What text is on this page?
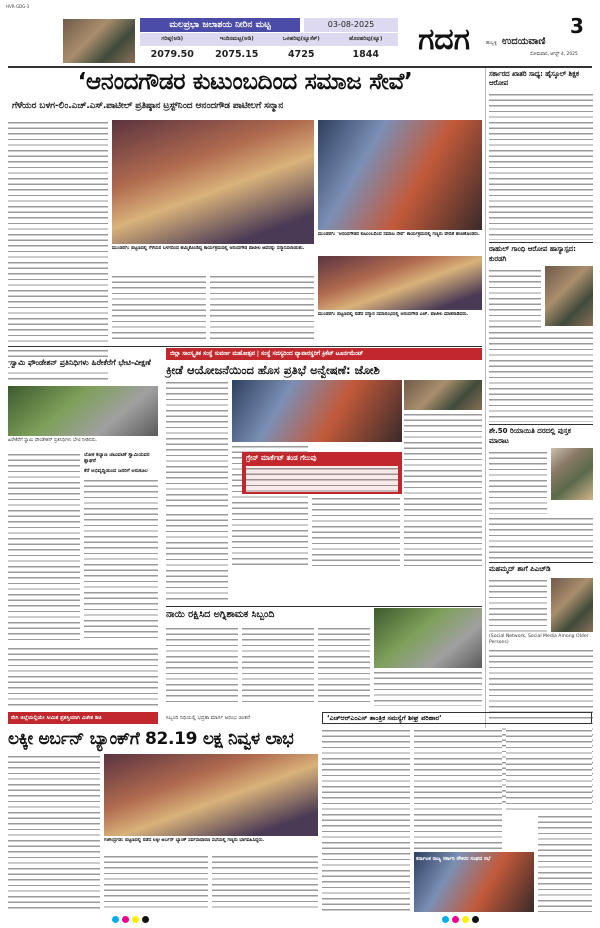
HVR-GDG-3
ಮಲಪ್ರಭಾ ಜಲಾಶಯ ನೀರಿನ ಮಟ್ಟ	03-08-2025
ಗರಿಷ್ಠ(ಅಡಿ)	ಇಂದಿನಮಟ್ಟ(ಅಡಿ)	ಒಳಹರಿವು(ಕ್ಯೂಸೆಕ್)	ಹೊರಹರಿವು(ಕ್ಯೂ)
2079.50	2075.15	4725	1844	ಗದಗ	3
ಹುಬ್ಬಳ್ಳಿ ಉದಯವಾಣಿ
ಸೋಮವಾರ, ಆಗಸ್ಟ್ 4, 2025
‘ಆನಂದಗೌಡರ ಕುಟುಂಬದಿಂದ ಸಮಾಜ ಸೇವೆ’
ಗೆಳೆಯರ ಬಳಗ-ಲಿಂ.ಎಚ್.ಎಸ್.ಪಾಟೀಲ್ ಪ್ರತಿಷ್ಠಾನ ಟ್ರಸ್ಟ್‌ನಿಂದ ಆನಂದಗೌಡ ಪಾಟೀಲಗೆ ಸನ್ಮಾನ
ಮುಂಡರಗಿ: ಪಟ್ಟಣದಲ್ಲಿ ಗೆಳೆಯರ ಬಳಗದಿಂದ ಹಮ್ಮಿಕೊಂಡಿದ್ದ ಕಾರ್ಯಕ್ರಮದಲ್ಲಿ ಆನಂದಗೌಡ ಪಾಟೀಲ ಅವರನ್ನು ಸನ್ಮಾನಿಸಲಾಯಿತು.
ಮುಂಡರಗಿ: ‘ಆನಂದಗೌಡರ ಕುಟುಂಬದಿಂದ ಸಮಾಜ ಸೇವೆ’ ಕಾರ್ಯಕ್ರಮದಲ್ಲಿ ಗಣ್ಯರು ವೇದಿಕೆ ಹಂಚಿಕೊಂಡರು.
ಮುಂಡರಗಿ: ಪಟ್ಟಣದಲ್ಲಿ ನಡೆದ ಸನ್ಮಾನ ಸಮಾರಂಭದಲ್ಲಿ ಆನಂದಗೌಡ ಎಚ್. ಪಾಟೀಲ ಮಾತನಾಡಿದರು.
ಸರ್ಕಾರದ ಖಾತರಿ ಸಾಧ್ಯ: ಹೈಸ್ಕೂಲ್ ಶಿಕ್ಷಕ ಆರೋಪ
ರಾಹುಲ್ ಗಾಂಧಿ ಆರೋಪ ಹಾಸ್ಯಾಸ್ಪದ: ಕುರಡಗಿ
ಶೇ.50 ರಿಯಾಯಿತಿ ದರದಲ್ಲಿ ಪುಸ್ತಕ ಮಾರಾಟ
ಮಹಮ್ಮದ್ ಶಾಗೆ ಪಿಎಚ್‌ಡಿ
(Social Network, Social Media Among Older Persons)
ಸ್ವಾಮಿ ಫೌಂಡೇಶನ್ ಪ್ರತಿನಿಧಿಗಳು ಹಿರೇಕೆರೆಗೆ ಭೇಟಿ-ವೀಕ್ಷಣೆ
ಹಿರೇಕೆರೆಗೆ ಸ್ವಾಮಿ ಫೌಂಡೇಶನ್ ಪ್ರತಿನಿಧಿಗಳು ಭೇಟಿ ನೀಡಿದರು.
ಲೋಕ ಕಲ್ಯಾಣ ಚಟುವಟಿಕೆ ಸ್ವಾಮಿಯವರ ಶ್ಲಾಘನೆ
ಕೆರೆ ಅಭಿವೃದ್ಧಿಯಿಂದ ಜನರಿಗೆ ಅನುಕೂಲ
ಜಿಲ್ಲಾ ಸಾಂಸ್ಕೃತಿಕ ಸಂಸ್ಥೆ ಸುವರ್ಣ ಮಹೋತ್ಸವ | ಸಂಸ್ಥೆ ಸದಸ್ಯರಿಂದ ವ್ಯಾಪಾರಸ್ಥರಿಗೆ ಕ್ರಿಕೆಟ್ ಟೂರ್ನಮೆಂಟ್
ಕ್ರೀಡೆ ಆಯೋಜನೆಯಿಂದ ಹೊಸ ಪ್ರತಿಭೆ ಅನ್ವೇಷಣೆ: ಜೋಶಿ
ಗ್ರೇನ್ ಮಾರ್ಕೆಟ್ ತಂಡ ಗೆಲುವು
ನಾಯಿ ರಕ್ಷಿಸಿದ ಅಗ್ನಿಶಾಮಕ ಸಿಬ್ಬಂದಿ
ನೇಗಿ ಜಿಲ್ಲೆಯಲ್ಲಿಯೇ ಸೀಮಿತ ಪ್ರಶಸ್ತಿಯಾಗಿ ವಿಜೇತ ಡಿಜಿ	ಸಿಬ್ಬಂದಿ ನಿಧಿಯಲ್ಲಿ ಭದ್ರತಾ ಮಾರ್ಗ ಆರಂಭ ಚಿಂತನೆ	‘ಎಚ್‌ಆರ್‌ಎಂಎಸ್ ತಾಂತ್ರಿಕ ಸಮಸ್ಯೆಗೆ ಶೀಘ್ರ ಪರಿಹಾರ’
ಲಕ್ಕೀ ಅರ್ಬನ್ ಬ್ಯಾಂಕ್‌ಗೆ 82.19 ಲಕ್ಷ ನಿವ್ವಳ ಲಾಭ
ಗಜೇಂದ್ರಗಡ: ಪಟ್ಟಣದಲ್ಲಿ ನಡೆದ ಲಕ್ಕೀ ಅರ್ಬನ್ ಬ್ಯಾಂಕ್ ಸರ್ವಸಾಧಾರಣ ಸಭೆಯಲ್ಲಿ ಗಣ್ಯರು ಭಾಗವಹಿಸಿದ್ದರು.
ಕರ್ನಾಟಕ ರಾಜ್ಯ ಸರ್ಕಾರಿ ನೌಕರರ ಸಂಘದ ಸಭೆ
